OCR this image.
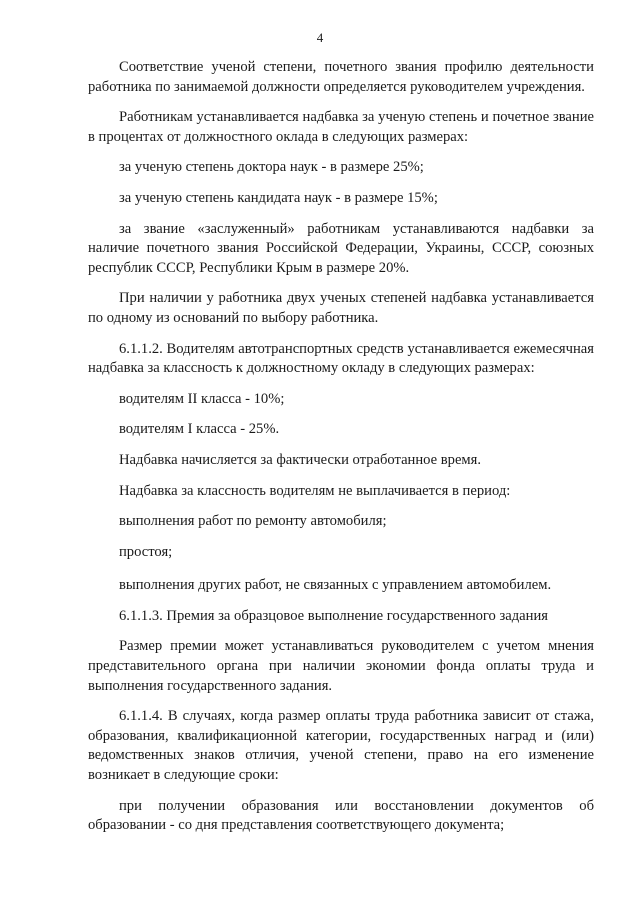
4

Соответствие ученой степени, почетного звания профилю деятельности работника по занимаемой должности определяется руководителем учреждения.

Работникам устанавливается надбавка за ученую степень и почетное звание в процентах от должностного оклада в следующих размерах:

за ученую степень доктора наук - в размере 25%;

за ученую степень кандидата наук - в размере 15%;

за звание «заслуженный» работникам устанавливаются надбавки за наличие почетного звания Российской Федерации, Украины, СССР, союзных республик СССР, Республики Крым в размере 20%.

При наличии у работника двух ученых степеней надбавка устанавливается по одному из оснований по выбору работника.

6.1.1.2. Водителям автотранспортных средств устанавливается ежемесячная надбавка за классность к должностному окладу в следующих размерах:

водителям II класса - 10%;

водителям I класса - 25%.

Надбавка начисляется за фактически отработанное время.

Надбавка за классность водителям не выплачивается в период:

выполнения работ по ремонту автомобиля;

простоя;

выполнения других работ, не связанных с управлением автомобилем.

6.1.1.3. Премия за образцовое выполнение государственного задания

Размер премии может устанавливаться руководителем с учетом мнения представительного органа при наличии экономии фонда оплаты труда и выполнения государственного задания.

6.1.1.4. В случаях, когда размер оплаты труда работника зависит от стажа, образования, квалификационной категории, государственных наград и (или) ведомственных знаков отличия, ученой степени, право на его изменение возникает в следующие сроки:

при получении образования или восстановлении документов об образовании - со дня представления соответствующего документа;
